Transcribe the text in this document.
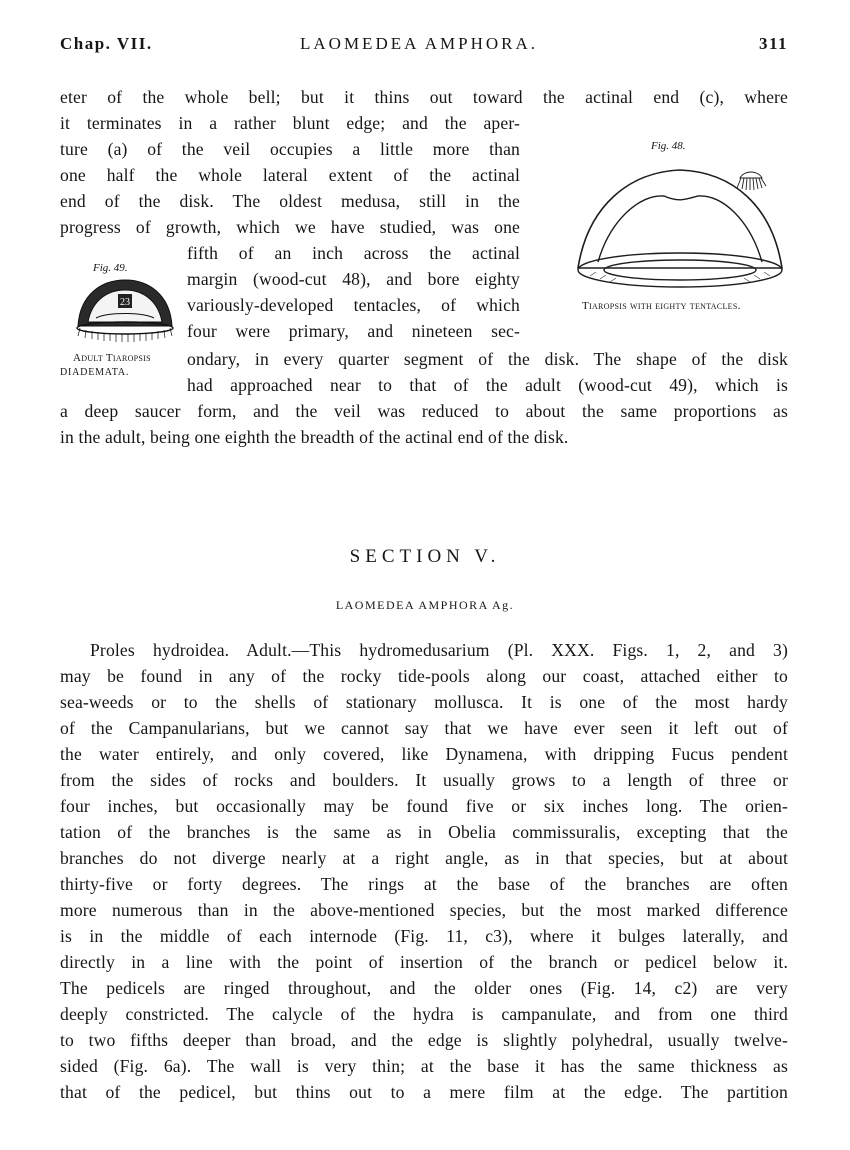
Chap. VII.	LAOMEDEA AMPHORA.	311
eter of the whole bell; but it thins out toward the actinal end (c), where
it terminates in a rather blunt edge; and the aper-
ture (a) of the veil occupies a little more than
one half the whole lateral extent of the actinal
end of the disk. The oldest medusa, still in the
progress of growth, which we have studied, was one
fifth of an inch across the actinal
margin (wood-cut 48), and bore eighty
variously-developed tentacles, of which
four were primary, and nineteen sec-
ondary, in every quarter segment of the disk. The shape of the disk
had approached near to that of the adult (wood-cut 49), which is
a deep saucer form, and the veil was reduced to about the same proportions as
in the adult, being one eighth the breadth of the actinal end of the disk.
Fig. 48.
Tiaropsis with eighty tentacles.
Fig. 49.
23
Adult Tiaropsis
DIADEMATA.
SECTION V.
LAOMEDEA AMPHORA Ag.
Proles hydroidea. Adult.—This hydromedusarium (Pl. XXX. Figs. 1, 2, and 3)
may be found in any of the rocky tide-pools along our coast, attached either to
sea-weeds or to the shells of stationary mollusca. It is one of the most hardy
of the Campanularians, but we cannot say that we have ever seen it left out of
the water entirely, and only covered, like Dynamena, with dripping Fucus pendent
from the sides of rocks and boulders. It usually grows to a length of three or
four inches, but occasionally may be found five or six inches long. The orien-
tation of the branches is the same as in Obelia commissuralis, excepting that the
branches do not diverge nearly at a right angle, as in that species, but at about
thirty-five or forty degrees. The rings at the base of the branches are often
more numerous than in the above-mentioned species, but the most marked difference
is in the middle of each internode (Fig. 11, c3), where it bulges laterally, and
directly in a line with the point of insertion of the branch or pedicel below it.
The pedicels are ringed throughout, and the older ones (Fig. 14, c2) are very
deeply constricted. The calycle of the hydra is campanulate, and from one third
to two fifths deeper than broad, and the edge is slightly polyhedral, usually twelve-
sided (Fig. 6a). The wall is very thin; at the base it has the same thickness as
that of the pedicel, but thins out to a mere film at the edge. The partition
